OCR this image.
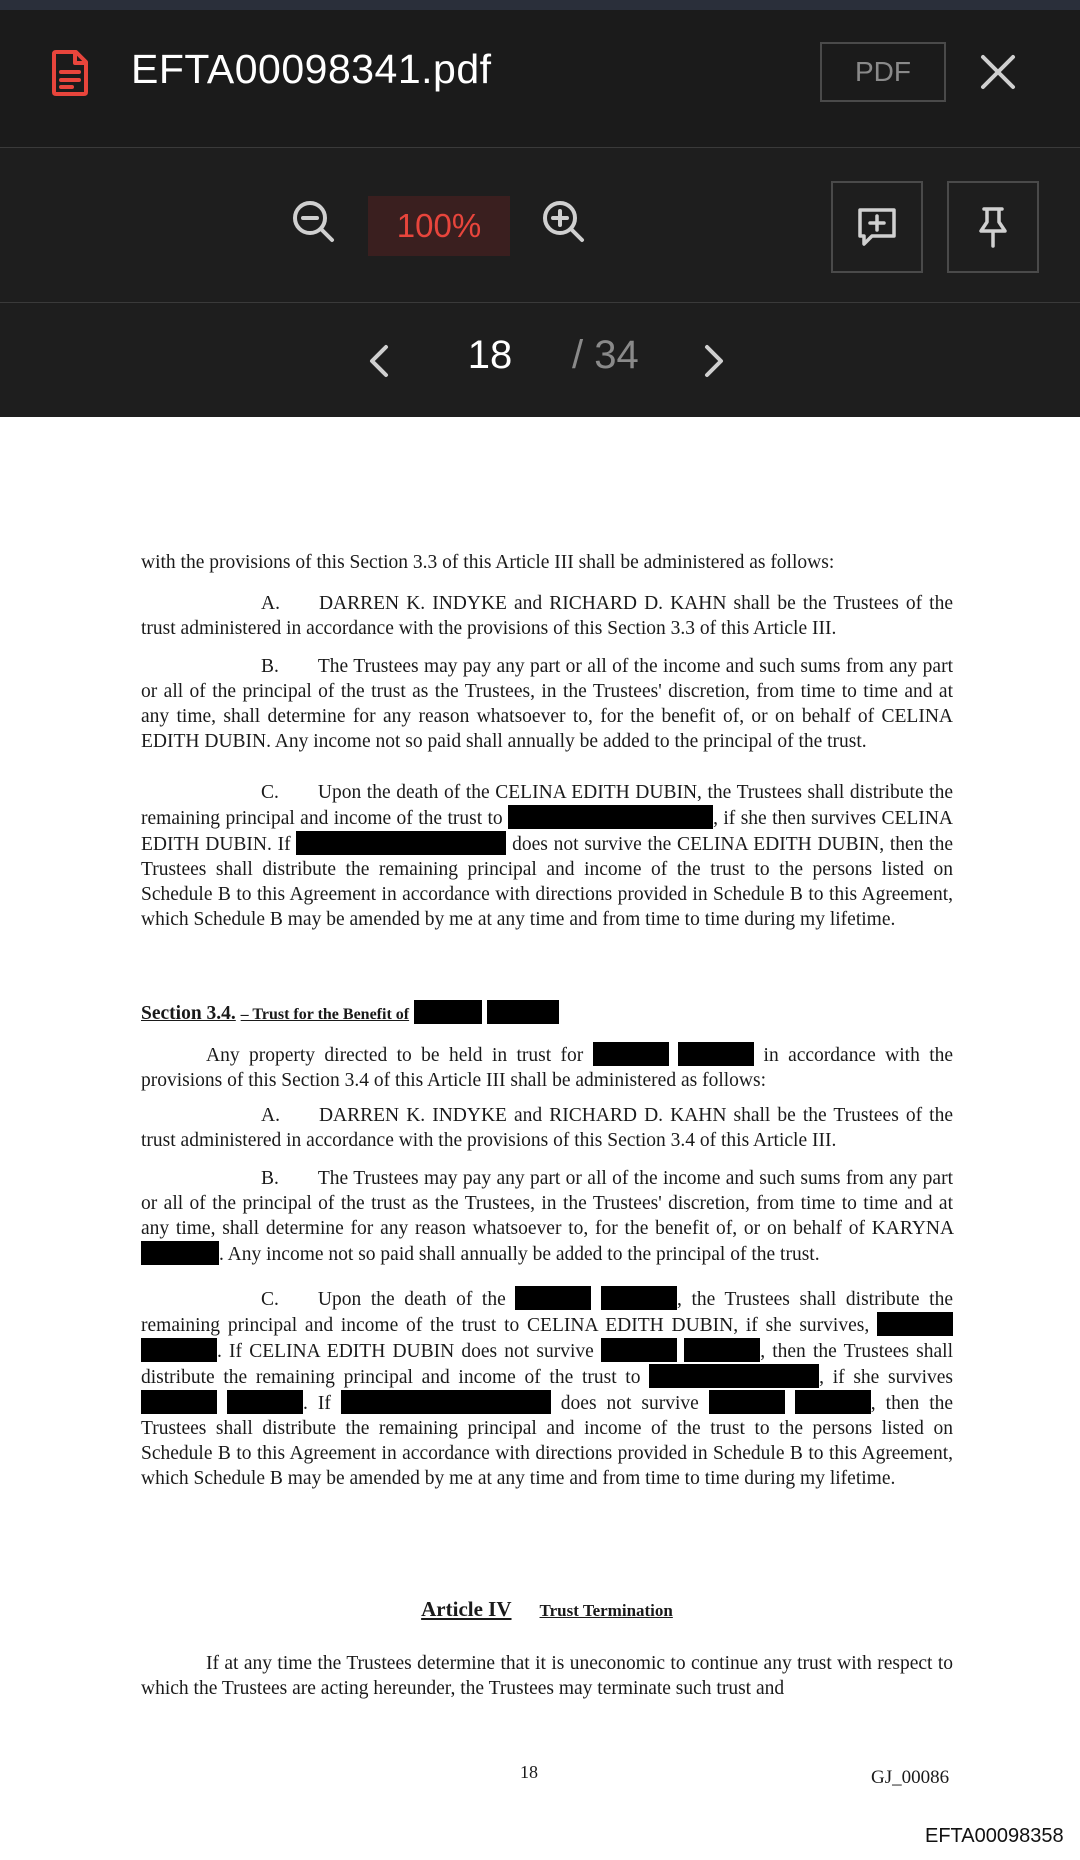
EFTA00098341.pdf	PDF
100%
18	/ 34

with the provisions of this Section 3.3 of this Article III shall be administered as follows:

A.  DARREN K. INDYKE and RICHARD D. KAHN shall be the Trustees of the trust administered in accordance with the provisions of this Section 3.3 of this Article III.

B.  The Trustees may pay any part or all of the income and such sums from any part or all of the principal of the trust as the Trustees, in the Trustees' discretion, from time to time and at any time, shall determine for any reason whatsoever to, for the benefit of, or on behalf of CELINA EDITH DUBIN. Any income not so paid shall annually be added to the principal of the trust.

C.  Upon the death of the CELINA EDITH DUBIN, the Trustees shall distribute the remaining principal and income of the trust to	, if she then survives CELINA EDITH DUBIN. If	does not survive the CELINA EDITH DUBIN, then the Trustees shall distribute the remaining principal and income of the trust to the persons listed on Schedule B to this Agreement in accordance with directions provided in Schedule B to this Agreement, which Schedule B may be amended by me at any time and from time to time during my lifetime.

Section 3.4. – Trust for the Benefit of

Any property directed to be held in trust for	in accordance with the provisions of this Section 3.4 of this Article III shall be administered as follows:

A.  DARREN K. INDYKE and RICHARD D. KAHN shall be the Trustees of the trust administered in accordance with the provisions of this Section 3.4 of this Article III.

B.  The Trustees may pay any part or all of the income and such sums from any part or all of the principal of the trust as the Trustees, in the Trustees' discretion, from time to time and at any time, shall determine for any reason whatsoever to, for the benefit of, or on behalf of KARYNA . Any income not so paid shall annually be added to the principal of the trust.

C.  Upon the death of the	, the Trustees shall distribute the remaining principal and income of the trust to CELINA EDITH DUBIN, if she survives,  . If CELINA EDITH DUBIN does not survive	, then the Trustees shall distribute the remaining principal and income of the trust to	, if she survives  . If	does not survive	, then the Trustees shall distribute the remaining principal and income of the trust to the persons listed on Schedule B to this Agreement in accordance with directions provided in Schedule B to this Agreement, which Schedule B may be amended by me at any time and from time to time during my lifetime.

Article IV Trust Termination

If at any time the Trustees determine that it is uneconomic to continue any trust with respect to which the Trustees are acting hereunder, the Trustees may terminate such trust and

18	GJ_00086
EFTA00098358
